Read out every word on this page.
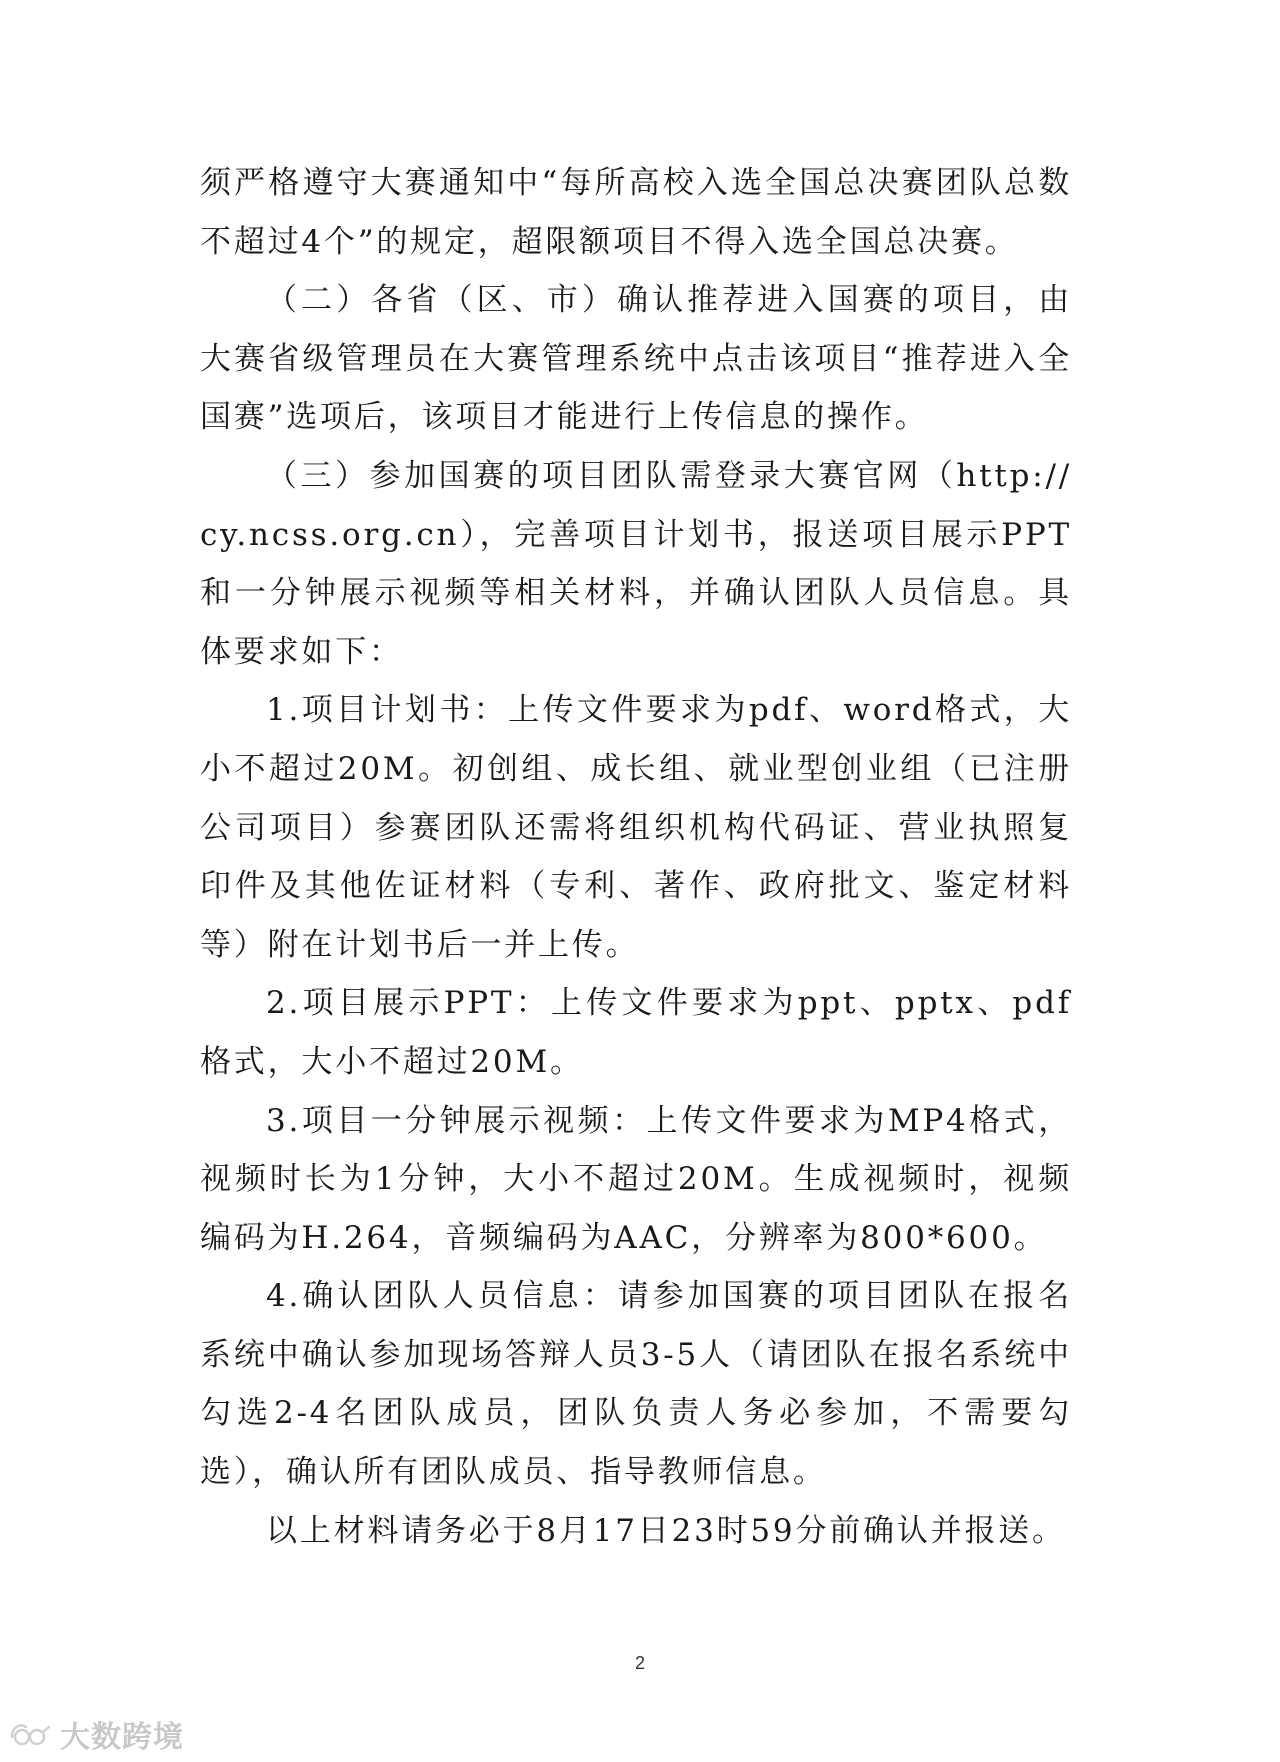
须严格遵守大赛通知中“每所高校入选全国总决赛团队总数不超过4个”的规定，超限额项目不得入选全国总决赛。

（二）各省（区、市）确认推荐进入国赛的项目，由大赛省级管理员在大赛管理系统中点击该项目“推荐进入全国赛”选项后，该项目才能进行上传信息的操作。

（三）参加国赛的项目团队需登录大赛官网（http://cy.ncss.org.cn），完善项目计划书，报送项目展示PPT和一分钟展示视频等相关材料，并确认团队人员信息。具体要求如下：

1.项目计划书：上传文件要求为pdf、word格式，大小不超过20M。初创组、成长组、就业型创业组（已注册公司项目）参赛团队还需将组织机构代码证、营业执照复印件及其他佐证材料（专利、著作、政府批文、鉴定材料等）附在计划书后一并上传。

2.项目展示PPT：上传文件要求为ppt、pptx、pdf格式，大小不超过20M。

3.项目一分钟展示视频：上传文件要求为MP4格式，视频时长为1分钟，大小不超过20M。生成视频时，视频编码为H.264，音频编码为AAC，分辨率为800*600。

4.确认团队人员信息：请参加国赛的项目团队在报名系统中确认参加现场答辩人员3-5人（请团队在报名系统中勾选2-4名团队成员，团队负责人务必参加，不需要勾选），确认所有团队成员、指导教师信息。

以上材料请务必于8月17日23时59分前确认并报送。

2
大数跨境
